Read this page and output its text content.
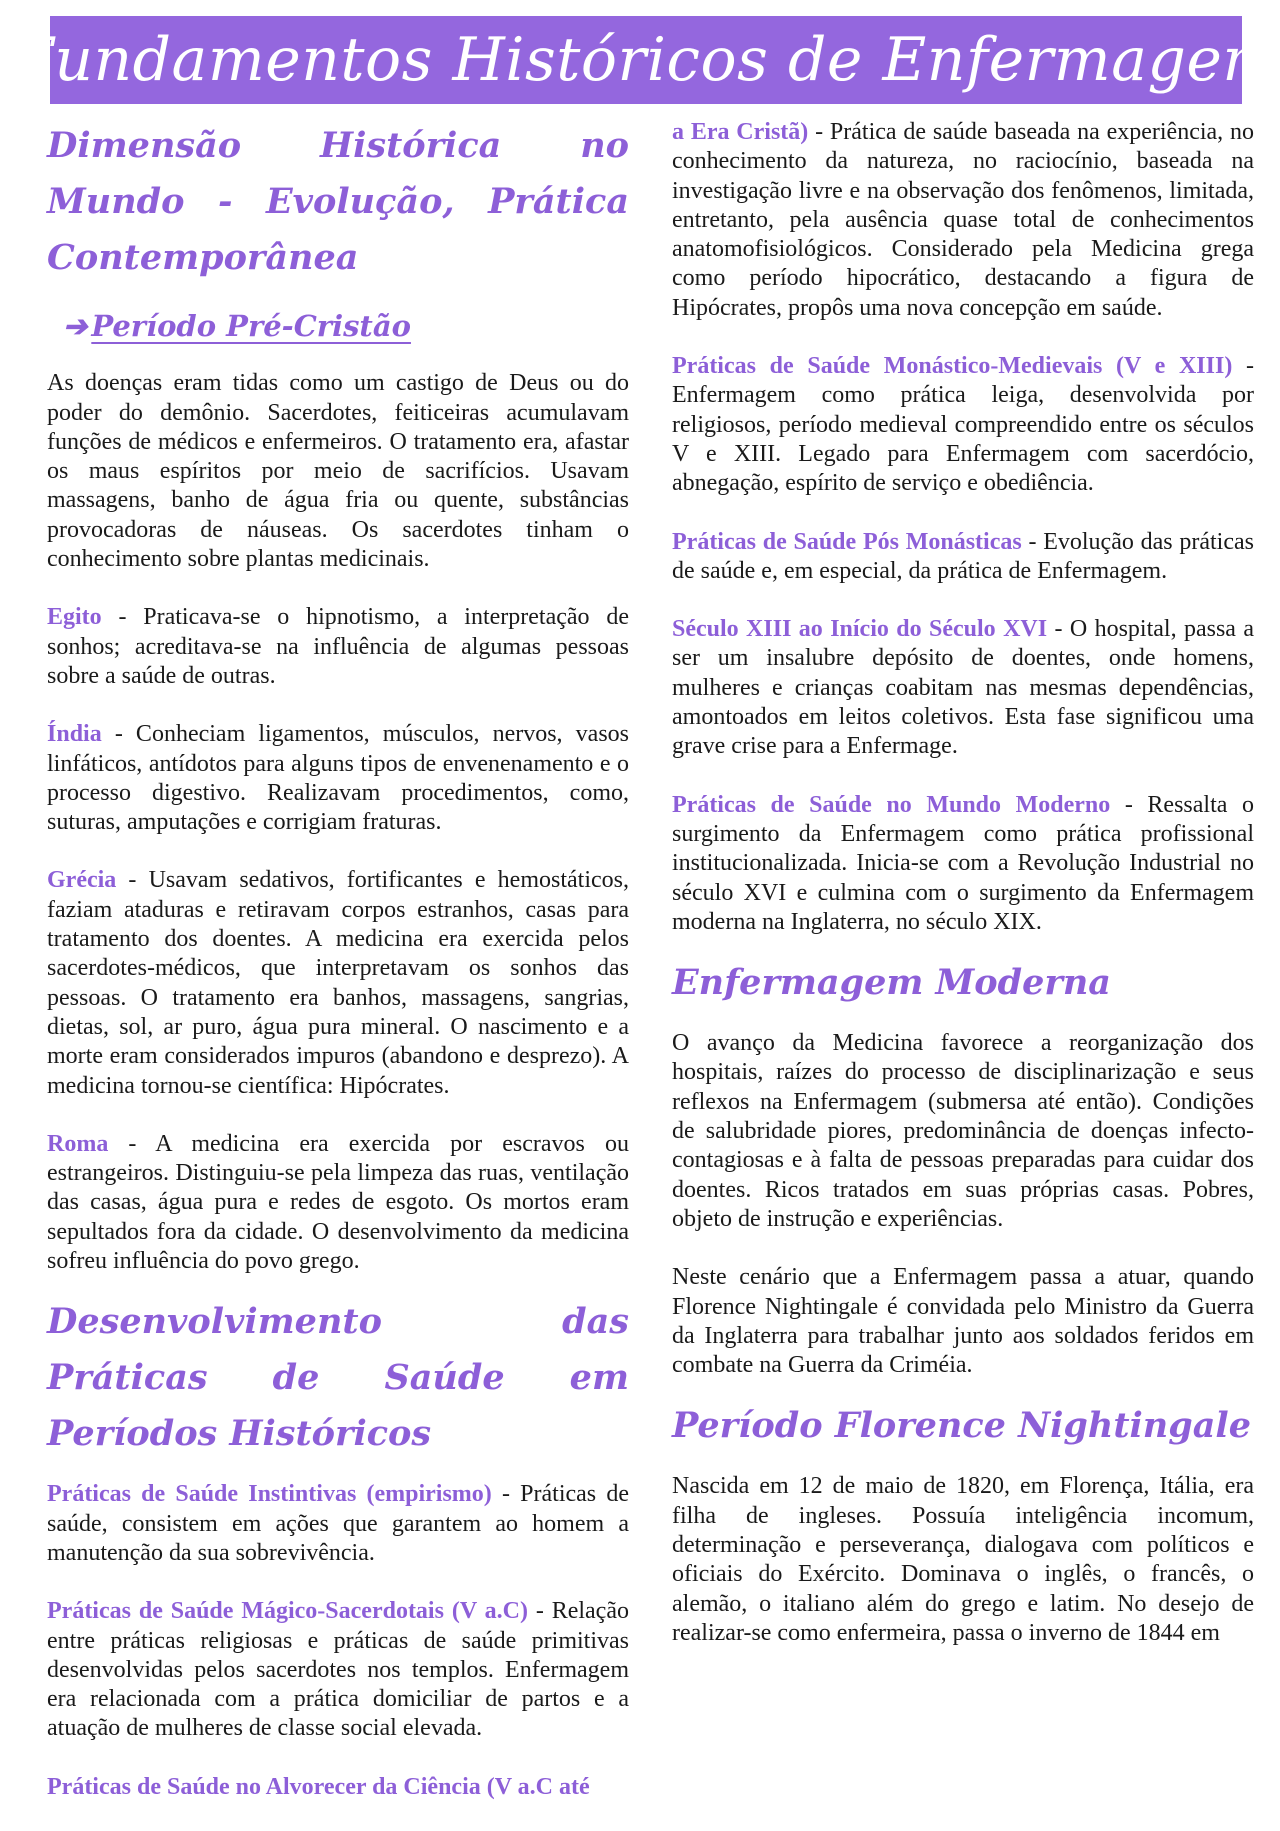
Fundamentos Históricos de Enfermagem
Dimensão Histórica no Mundo - Evolução, Prática Contemporânea
➔ Período Pré-Cristão

As doenças eram tidas como um castigo de Deus ou do poder do demônio. Sacerdotes, feiticeiras acumulavam funções de médicos e enfermeiros. O tratamento era, afastar os maus espíritos por meio de sacrifícios. Usavam massagens, banho de água fria ou quente, substâncias provocadoras de náuseas. Os sacerdotes tinham o conhecimento sobre plantas medicinais.

Egito - Praticava-se o hipnotismo, a interpretação de sonhos; acreditava-se na influência de algumas pessoas sobre a saúde de outras.

Índia - Conheciam ligamentos, músculos, nervos, vasos linfáticos, antídotos para alguns tipos de envenenamento e o processo digestivo. Realizavam procedimentos, como, suturas, amputações e corrigiam fraturas.

Grécia - Usavam sedativos, fortificantes e hemostáticos, faziam ataduras e retiravam corpos estranhos, casas para tratamento dos doentes. A medicina era exercida pelos sacerdotes-médicos, que interpretavam os sonhos das pessoas. O tratamento era banhos, massagens, sangrias, dietas, sol, ar puro, água pura mineral. O nascimento e a morte eram considerados impuros (abandono e desprezo). A medicina tornou-se científica: Hipócrates.

Roma - A medicina era exercida por escravos ou estrangeiros. Distinguiu-se pela limpeza das ruas, ventilação das casas, água pura e redes de esgoto. Os mortos eram sepultados fora da cidade. O desenvolvimento da medicina sofreu influência do povo grego.

Desenvolvimento das Práticas de Saúde em Períodos Históricos

Práticas de Saúde Instintivas (empirismo) - Práticas de saúde, consistem em ações que garantem ao homem a manutenção da sua sobrevivência.

Práticas de Saúde Mágico-Sacerdotais (V a.C) - Relação entre práticas religiosas e práticas de saúde primitivas desenvolvidas pelos sacerdotes nos templos. Enfermagem era relacionada com a prática domiciliar de partos e a atuação de mulheres de classe social elevada.

Práticas de Saúde no Alvorecer da Ciência (V a.C até

a Era Cristã) - Prática de saúde baseada na experiência, no conhecimento da natureza, no raciocínio, baseada na investigação livre e na observação dos fenômenos, limitada, entretanto, pela ausência quase total de conhecimentos anatomofisiológicos. Considerado pela Medicina grega como período hipocrático, destacando a figura de Hipócrates, propôs uma nova concepção em saúde.

Práticas de Saúde Monástico-Medievais (V e XIII) - Enfermagem como prática leiga, desenvolvida por religiosos, período medieval compreendido entre os séculos V e XIII. Legado para Enfermagem com sacerdócio, abnegação, espírito de serviço e obediência.

Práticas de Saúde Pós Monásticas - Evolução das práticas de saúde e, em especial, da prática de Enfermagem.

Século XIII ao Início do Século XVI - O hospital, passa a ser um insalubre depósito de doentes, onde homens, mulheres e crianças coabitam nas mesmas dependências, amontoados em leitos coletivos. Esta fase significou uma grave crise para a Enfermage.

Práticas de Saúde no Mundo Moderno - Ressalta o surgimento da Enfermagem como prática profissional institucionalizada. Inicia-se com a Revolução Industrial no século XVI e culmina com o surgimento da Enfermagem moderna na Inglaterra, no século XIX.

Enfermagem Moderna

O avanço da Medicina favorece a reorganização dos hospitais, raízes do processo de disciplinarização e seus reflexos na Enfermagem (submersa até então). Condições de salubridade piores, predominância de doenças infecto-contagiosas e à falta de pessoas preparadas para cuidar dos doentes. Ricos tratados em suas próprias casas. Pobres, objeto de instrução e experiências.

Neste cenário que a Enfermagem passa a atuar, quando Florence Nightingale é convidada pelo Ministro da Guerra da Inglaterra para trabalhar junto aos soldados feridos em combate na Guerra da Criméia.

Período Florence Nightingale

Nascida em 12 de maio de 1820, em Florença, Itália, era filha de ingleses. Possuía inteligência incomum, determinação e perseverança, dialogava com políticos e oficiais do Exército. Dominava o inglês, o francês, o alemão, o italiano além do grego e latim. No desejo de realizar-se como enfermeira, passa o inverno de 1844 em
